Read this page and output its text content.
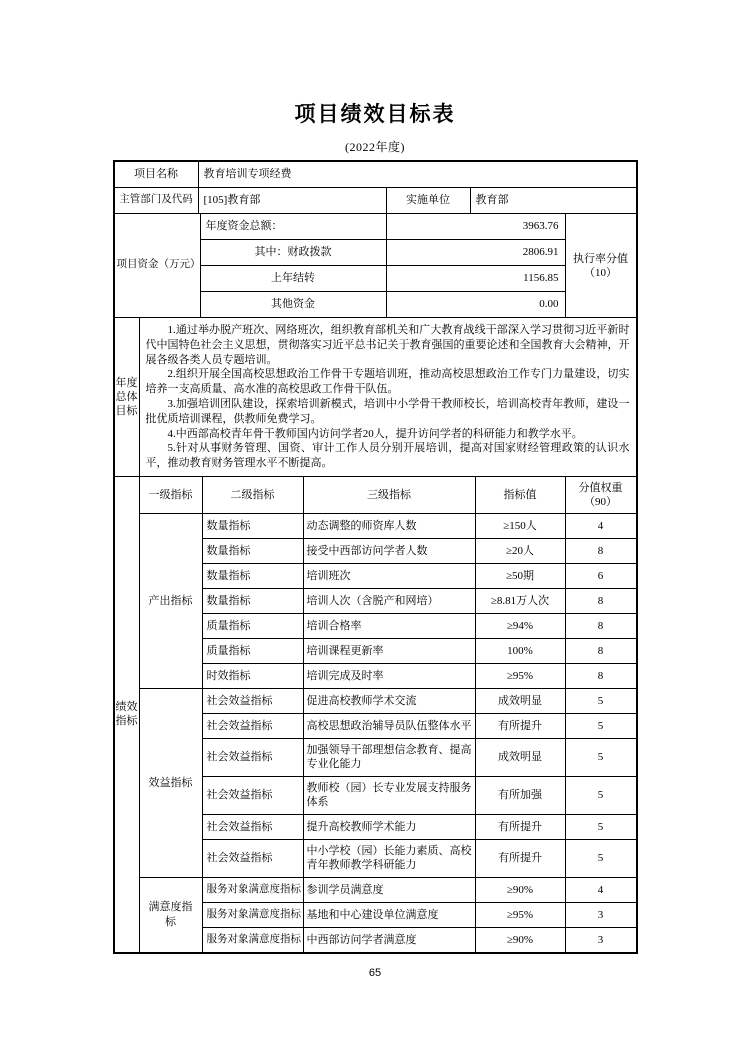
项目绩效目标表
(2022年度)
项目名称	教育培训专项经费		
主管部门及代码	[105]教育部	实施单位	教育部
项目资金（万元）	年度资金总额：	3963.76	执行率分值
（10）

	其中：财政拨款	2806.91	
	上年结转	1156.85	
	其他资金	0.00	
年度
总体
目标

1.通过举办脱产班次、网络班次，组织教育部机关和广大教育战线干部深入学习贯彻习近平新时代中国特色社会主义思想，贯彻落实习近平总书记关于教育强国的重要论述和全国教育大会精神，开展各级各类人员专题培训。

2.组织开展全国高校思想政治工作骨干专题培训班，推动高校思想政治工作专门力量建设，切实培养一支高质量、高水准的高校思政工作骨干队伍。

3.加强培训团队建设，探索培训新模式，培训中小学骨干教师校长，培训高校青年教师，建设一批优质培训课程，供教师免费学习。

4.中西部高校青年骨干教师国内访问学者20人，提升访问学者的科研能力和教学水平。

5.针对从事财务管理、国资、审计工作人员分别开展培训，提高对国家财经管理政策的认识水平，推动教育财务管理水平不断提高。

绩效
指标
	一级指标	二级指标	三级指标	指标值	
分值权重
（90）

	产出指标	数量指标	动态调整的师资库人数	≥150人	4
		数量指标	接受中西部访问学者人数	≥20人	8
		数量指标	培训班次	≥50期	6
		数量指标	培训人次（含脱产和网培）	≥8.81万人次	8
		质量指标	培训合格率	≥94%	8
		质量指标	培训课程更新率	100%	8
		时效指标	培训完成及时率	≥95%	8
	效益指标	社会效益指标	促进高校教师学术交流	成效明显	5
		社会效益指标	高校思想政治辅导员队伍整体水平	有所提升	5
		社会效益指标	加强领导干部理想信念教育、提高专业化能力	成效明显	5
		社会效益指标	教师校（园）长专业发展支持服务体系	有所加强	5
		社会效益指标	提升高校教师学术能力	有所提升	5
		社会效益指标	中小学校（园）长能力素质、高校青年教师教学科研能力	有所提升	5
	满意度指标	服务对象满意度指标	参训学员满意度	≥90%	4
		服务对象满意度指标	基地和中心建设单位满意度	≥95%	3
		服务对象满意度指标	中西部访问学者满意度	≥90%	3
65
